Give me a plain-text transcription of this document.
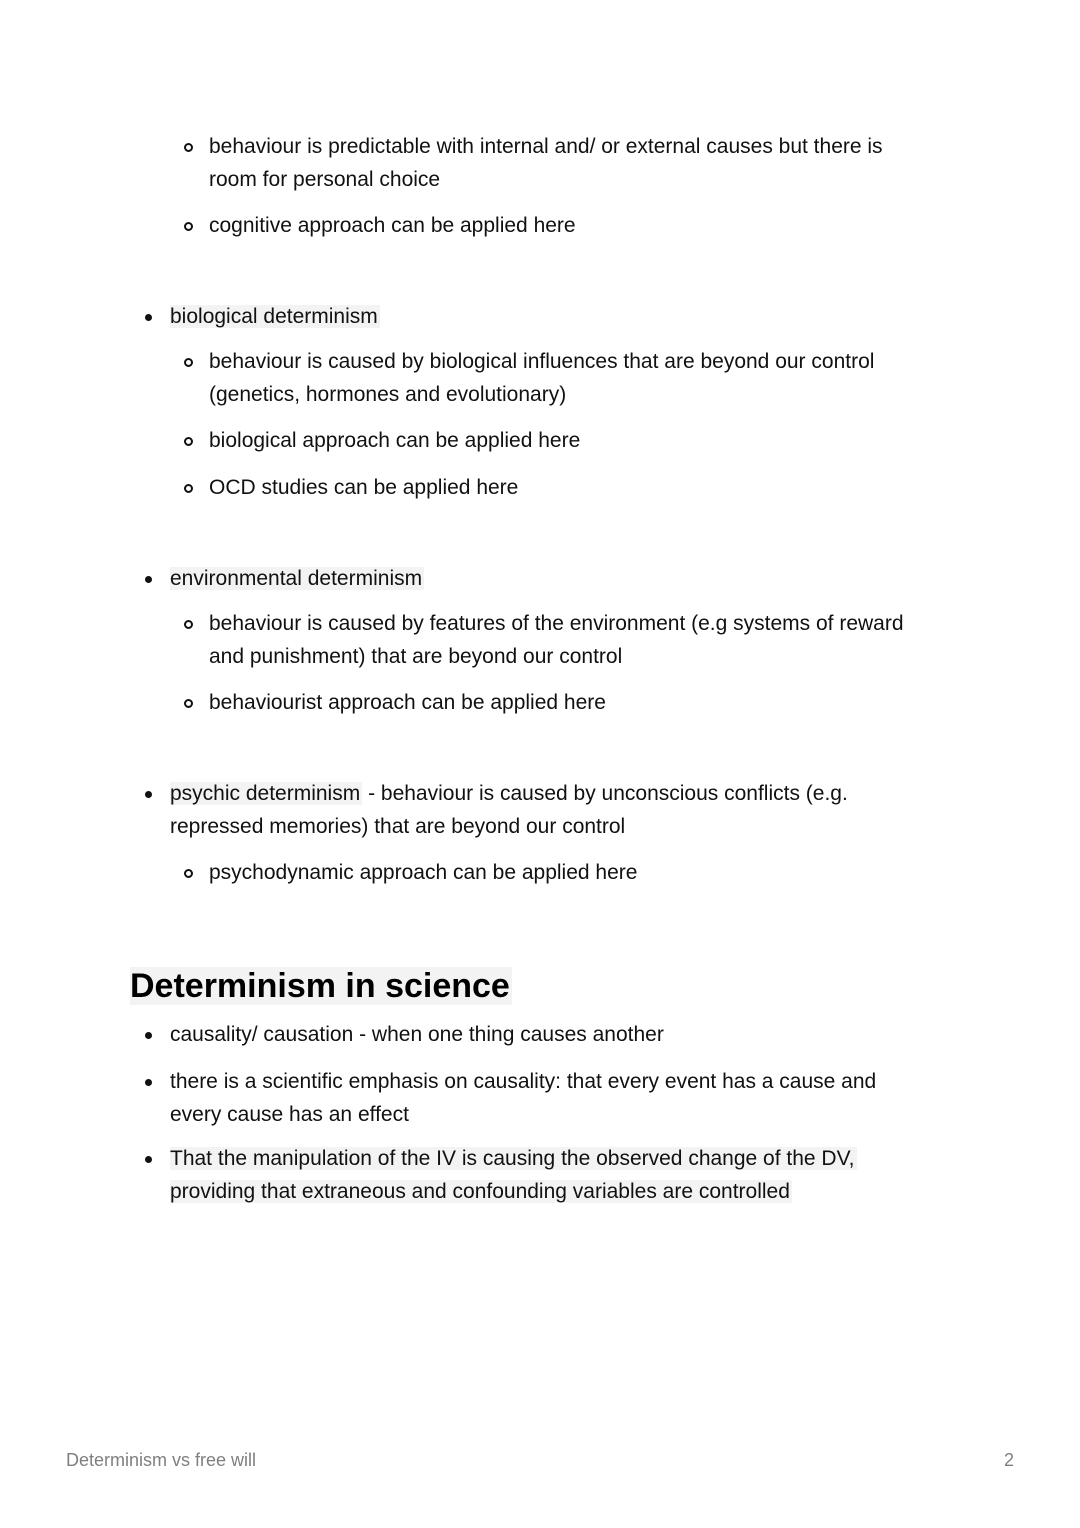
behaviour is predictable with internal and/ or external causes but there is
room for personal choice
cognitive approach can be applied here
biological determinism
behaviour is caused by biological influences that are beyond our control
(genetics, hormones and evolutionary)
biological approach can be applied here
OCD studies can be applied here
environmental determinism
behaviour is caused by features of the environment (e.g systems of reward
and punishment) that are beyond our control
behaviourist approach can be applied here
psychic determinism - behaviour is caused by unconscious conflicts (e.g.
repressed memories) that are beyond our control
psychodynamic approach can be applied here
Determinism in science
causality/ causation - when one thing causes another
there is a scientific emphasis on causality: that every event has a cause and
every cause has an effect
That the manipulation of the IV is causing the observed change of the DV,
providing that extraneous and confounding variables are controlled
Determinism vs free will	2
